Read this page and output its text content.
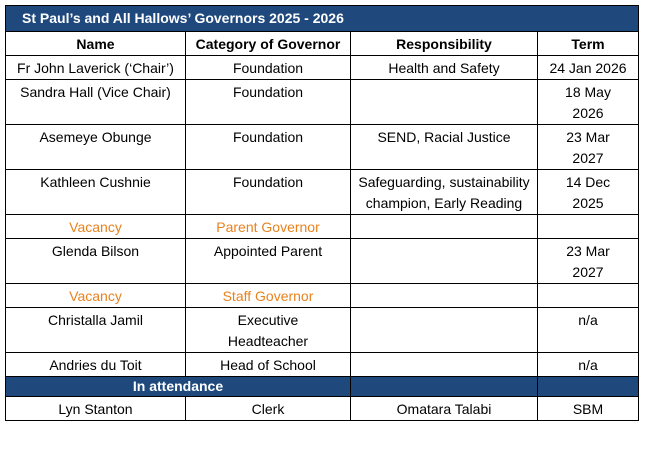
St Paul’s and All Hallows’ Governors 2025 - 2026			
Name	Category of Governor	Responsibility	Term
Fr John Laverick (‘Chair’)	Foundation	Health and Safety	24 Jan 2026
Sandra Hall (Vice Chair)	Foundation		18 May 2026
Asemeye Obunge	Foundation	SEND, Racial Justice	23 Mar 2027
Kathleen Cushnie	Foundation	Safeguarding, sustainability champion, Early Reading	14 Dec 2025
Vacancy	Parent Governor		
Glenda Bilson	Appointed Parent		23 Mar 2027
Vacancy	Staff Governor		
Christalla Jamil	Executive Headteacher		n/a
Andries du Toit	Head of School		n/a
In attendance			
Lyn Stanton	Clerk	Omatara Talabi	SBM
